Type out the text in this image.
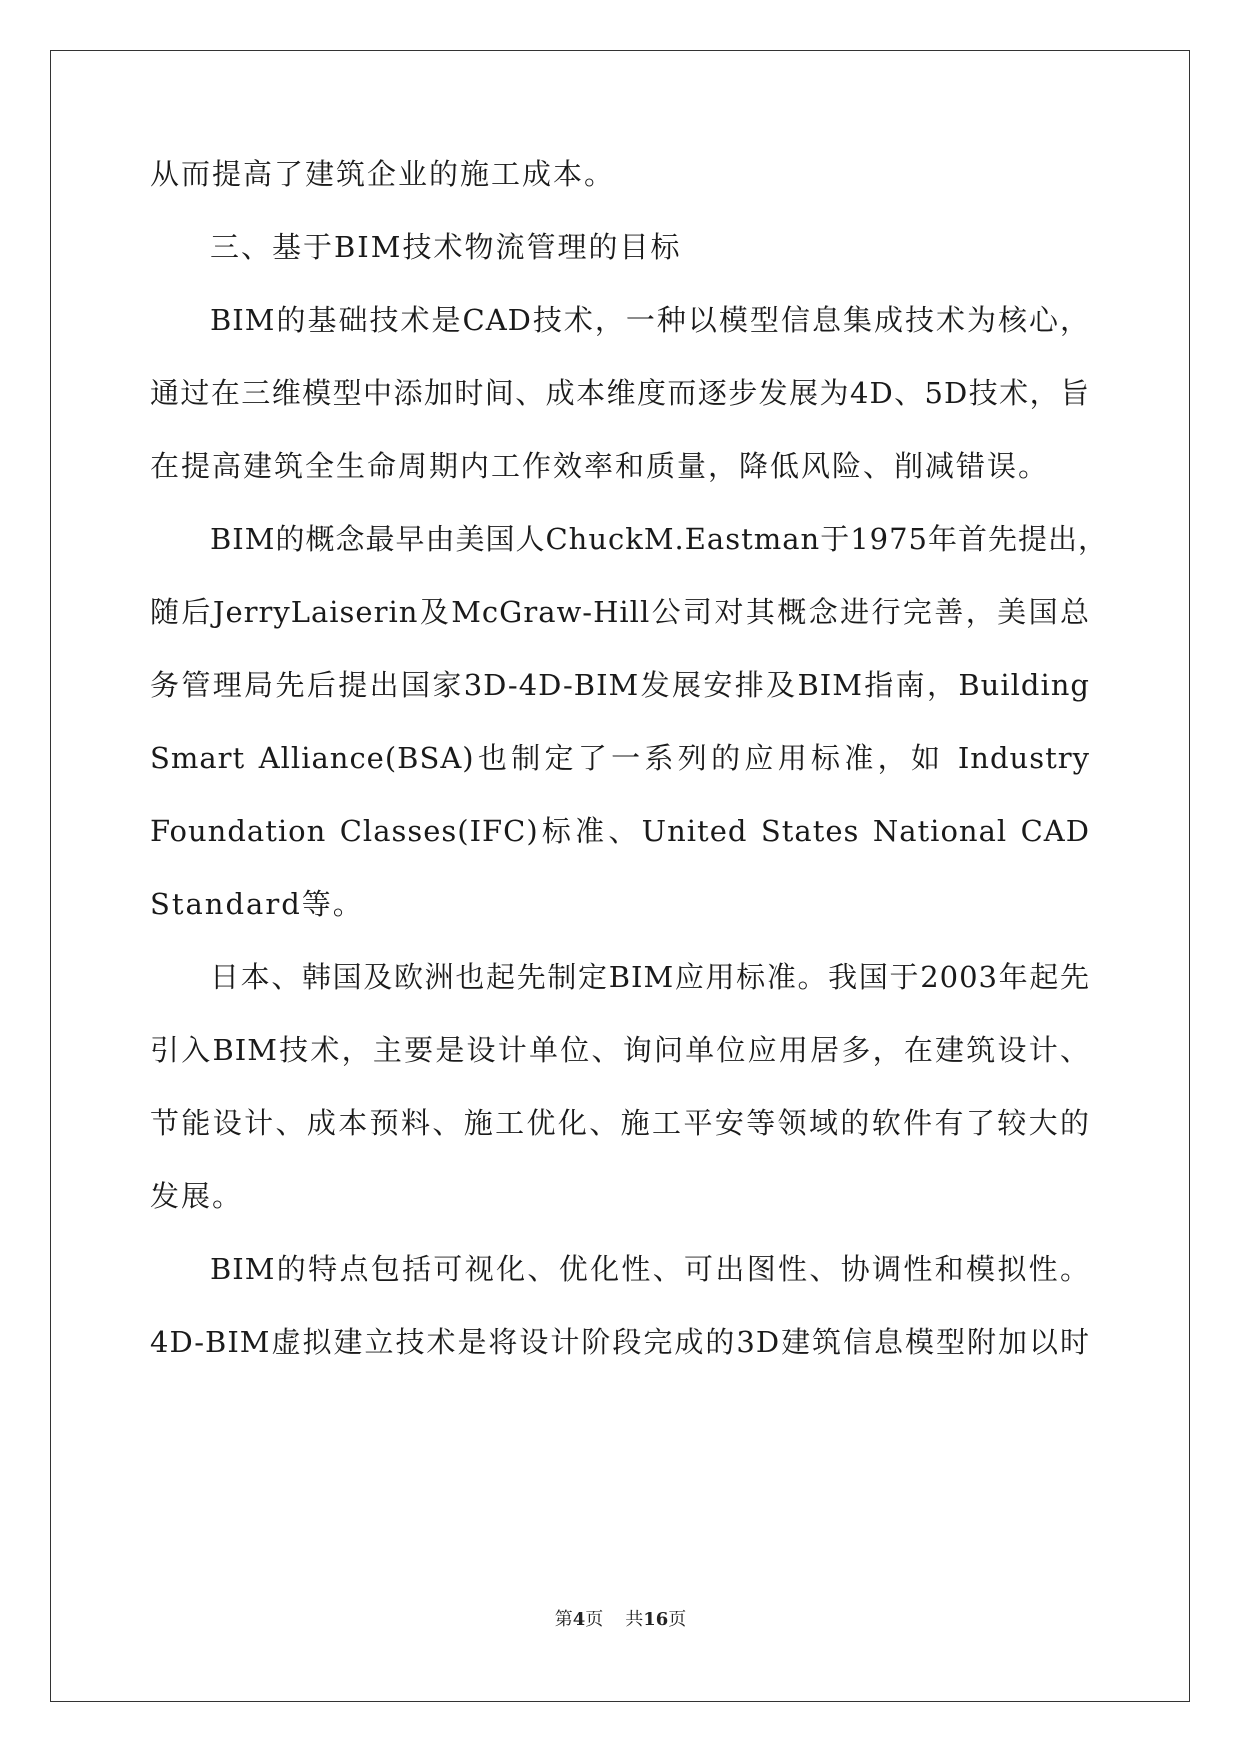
从而提高了建筑企业的施工成本。
三、基于BIM技术物流管理的目标
BIM的基础技术是CAD技术，一种以模型信息集成技术为核心，
通过在三维模型中添加时间、成本维度而逐步发展为4D、5D技术，旨
在提高建筑全生命周期内工作效率和质量，降低风险、削减错误。
BIM的概念最早由美国人ChuckM.Eastman于1975年首先提出，
随后JerryLaiserin及McGraw-Hill公司对其概念进行完善，美国总
务管理局先后提出国家3D-4D-BIM发展安排及BIM指南，Building
Smart Alliance(BSA)也制定了一系列的应用标准，如 Industry
Foundation Classes(IFC)标准、United States National CAD
Standard等。
日本、韩国及欧洲也起先制定BIM应用标准。我国于2003年起先
引入BIM技术，主要是设计单位、询问单位应用居多，在建筑设计、
节能设计、成本预料、施工优化、施工平安等领域的软件有了较大的
发展。
BIM的特点包括可视化、优化性、可出图性、协调性和模拟性。
4D-BIM虚拟建立技术是将设计阶段完成的3D建筑信息模型附加以时
第4页 共16页
